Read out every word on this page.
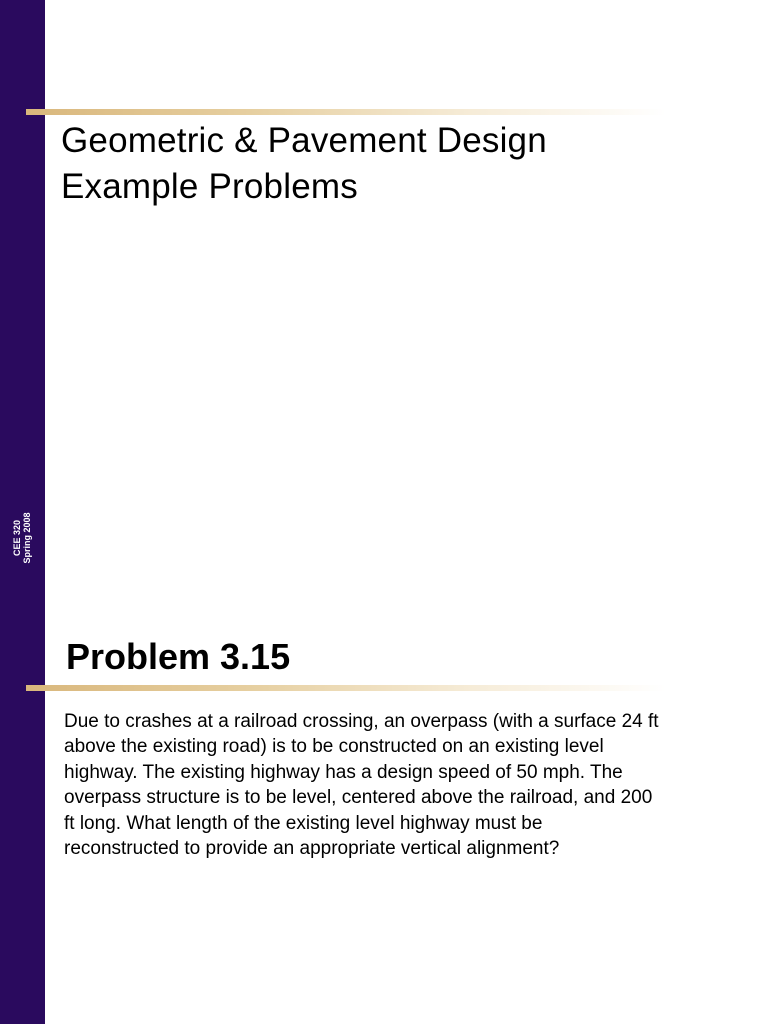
CEE 320 Spring 2008
Geometric & Pavement Design
Example Problems
Problem 3.15

Due to crashes at a railroad crossing, an overpass (with a surface 24 ft
above the existing road) is to be constructed on an existing level
highway. The existing highway has a design speed of 50 mph. The
overpass structure is to be level, centered above the railroad, and 200
ft long. What length of the existing level highway must be
reconstructed to provide an appropriate vertical alignment?
